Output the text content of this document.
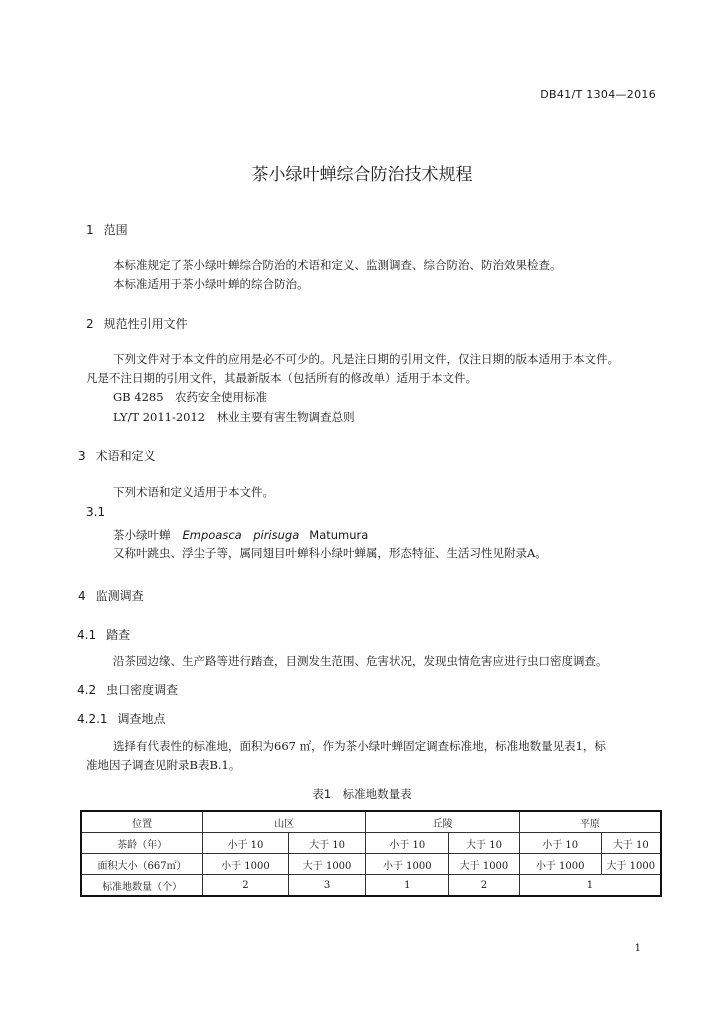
DB41/T 1304—2016
茶小绿叶蝉综合防治技术规程
1 范围
本标准规定了茶小绿叶蝉综合防治的术语和定义、监测调查、综合防治、防治效果检查。
本标准适用于茶小绿叶蝉的综合防治。
2 规范性引用文件
下列文件对于本文件的应用是必不可少的。凡是注日期的引用文件，仅注日期的版本适用于本文件。
凡是不注日期的引用文件，其最新版本（包括所有的修改单）适用于本文件。
GB 4285　农药安全使用标准
LY/T 2011-2012　林业主要有害生物调查总则
3 术语和定义
下列术语和定义适用于本文件。
3.1
茶小绿叶蝉 Empoasca　pirisuga Matumura
又称叶跳虫、浮尘子等，属同翅目叶蝉科小绿叶蝉属，形态特征、生活习性见附录A。
4 监测调查
4.1 踏查
沿茶园边缘、生产路等进行踏查，目测发生范围、危害状况，发现虫情危害应进行虫口密度调查。
4.2 虫口密度调查
4.2.1 调查地点
选择有代表性的标准地，面积为667 ㎡，作为茶小绿叶蝉固定调查标准地，标准地数量见表1，标
准地因子调查见附录B表B.1。
表1　标准地数量表
位置	山区		丘陵		平原	
茶龄（年）	小于 10	大于 10	小于 10	大于 10	小于 10	大于 10
面积大小（667㎡）	小于 1000	大于 1000	小于 1000	大于 1000	小于 1000	大于 1000
标准地数量（个）	2	3	1	2	1	
1
